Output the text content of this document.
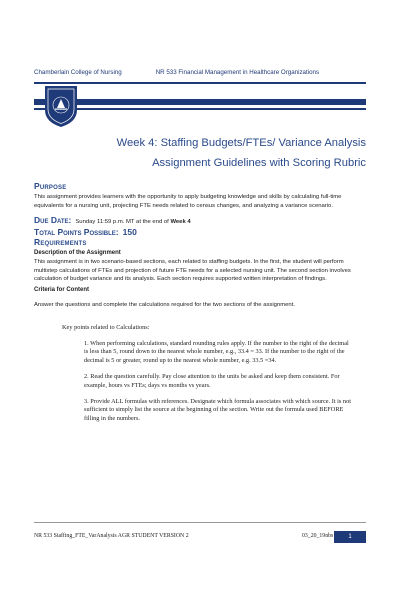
Chamberlain College of Nursing	NR 533 Financial Management in Healthcare Organizations
Week 4: Staffing Budgets/FTEs/ Variance Analysis
Assignment Guidelines with Scoring Rubric
Purpose

This assignment provides learners with the opportunity to apply budgeting knowledge and skills by calculating full-time equivalents for a nursing unit, projecting FTE needs related to census changes, and analyzing a variance scenario.

Due Date: Sunday 11:59 p.m. MT at the end of Week 4
Total Points Possible: 150
Requirements
Description of the Assignment

This assignment is in two scenario-based sections, each related to staffing budgets. In the first, the student will perform multistep calculations of FTEs and projection of future FTE needs for a selected nursing unit. The second section involves calculation of budget variance and its analysis. Each section requires supported written interpretation of findings.

Criteria for Content

Answer the questions and complete the calculations required for the two sections of the assignment.

Key points related to Calculations:
1. When performing calculations, standard rounding rules apply. If the number to the right of the decimal is less than 5, round down to the nearest whole number, e.g., 33.4 = 33. If the number to the right of the decimal is 5 or greater, round up to the nearest whole number, e.g. 33.5 =34.
2. Read the question carefully. Pay close attention to the units be asked and keep them consistent. For example, hours vs FTEs; days vs months vs years.
3. Provide ALL formulas with references. Designate which formula associates with which source. It is not sufficient to simply list the source at the beginning of the section. Write out the formula used BEFORE filling in the numbers.
NR 533 Staffing_FTE_VarAnalysis AGR STUDENT VERSION 2	03_20_19nbs	1
